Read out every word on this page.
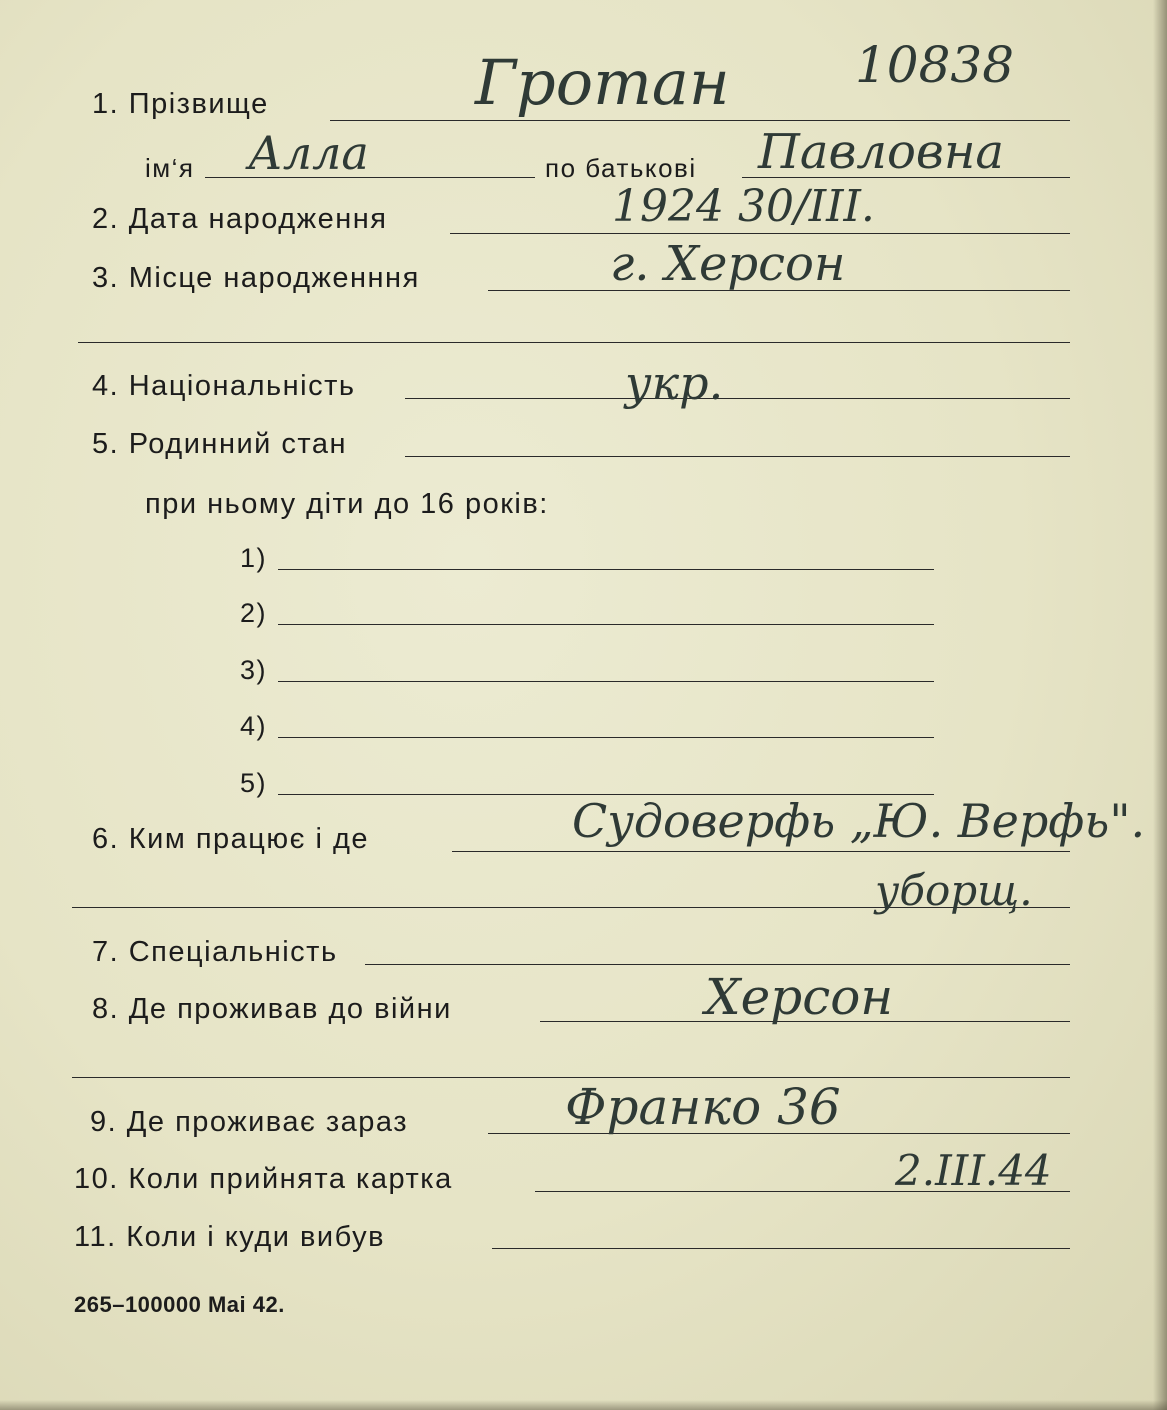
10838
1. Прізвище	Гротан
ім‘я Алла	по батькові Павловна
2. Дата народження	1924 30/III.
3. Місце народженння	г. Херсон
4. Національність	укр.
5. Родинний стан
при ньому діти до 16 років:
1)
2)
3)
4)
5)
6. Ким працює і де	Судоверфь „Ю. Верфь".
уборщ.
7. Спеціальність
8. Де проживав до війни	Херсон
9. Де проживає зараз	Франко 36
10. Коли прийнята картка	2.III.44
11. Коли і куди вибув
265–100000 Mai 42.
